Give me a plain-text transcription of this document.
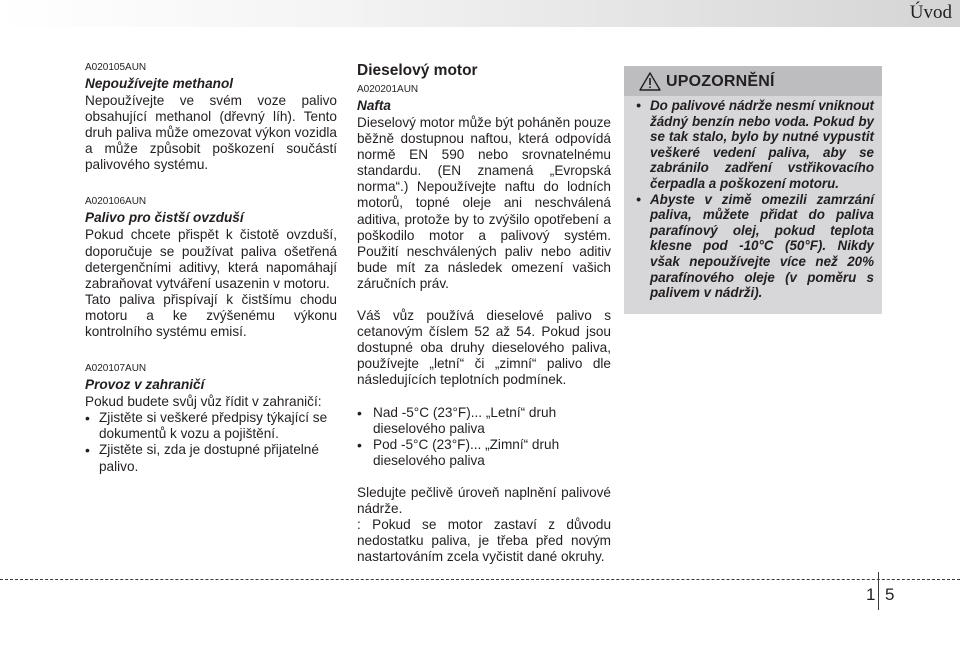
Úvod
A020105AUN
Nepoužívejte methanol
Nepoužívejte ve svém voze palivo obsahující methanol (dřevný líh). Tento druh paliva může omezovat výkon vozidla a může způsobit poškození součástí palivového systému.
A020106AUN
Palivo pro čistší ovzduší
Pokud chcete přispět k čistotě ovzduší, doporučuje se používat paliva ošetřená detergenčními aditivy, která napomáhají zabraňovat vytváření usazenin v motoru.
Tato paliva přispívají k čistšímu chodu motoru a ke zvýšenému výkonu kontrolního systému emisí.
A020107AUN
Provoz v zahraničí
Pokud budete svůj vůz řídit v zahraničí:
• Zjistěte si veškeré předpisy týkající se dokumentů k vozu a pojištění.
• Zjistěte si, zda je dostupné přijatelné palivo.
Dieselový motor
A020201AUN
Nafta
Dieselový motor může být poháněn pouze běžně dostupnou naftou, která odpovídá normě EN 590 nebo srovnatelnému standardu. (EN znamená „Evropská norma“.) Nepoužívejte naftu do lodních motorů, topné oleje ani neschválená aditiva, protože by to zvýšilo opotřebení a poškodilo motor a palivový systém. Použití neschválených paliv nebo aditiv bude mít za následek omezení vašich záručních práv.
Váš vůz používá dieselové palivo s cetanovým číslem 52 až 54. Pokud jsou dostupné oba druhy dieselového paliva, používejte „letní“ či „zimní“ palivo dle následujících teplotních podmínek.
• Nad -5°C (23°F)... „Letní“ druh dieselového paliva
• Pod -5°C (23°F)... „Zimní“ druh dieselového paliva
Sledujte pečlivě úroveň naplnění palivové nádrže.
: Pokud se motor zastaví z důvodu nedostatku paliva, je třeba před novým nastartováním zcela vyčistit dané okruhy.
UPOZORNĚNÍ
• Do palivové nádrže nesmí vniknout žádný benzín nebo voda. Pokud by se tak stalo, bylo by nutné vypustit veškeré vedení paliva, aby se zabránilo zadření vstřikovacího čerpadla a poškození motoru.
• Abyste v zimě omezili zamrzání paliva, můžete přidat do paliva parafínový olej, pokud teplota klesne pod -10°C (50°F). Nikdy však nepoužívejte více než 20% parafínového oleje (v poměru s palivem v nádrži).
1 5
